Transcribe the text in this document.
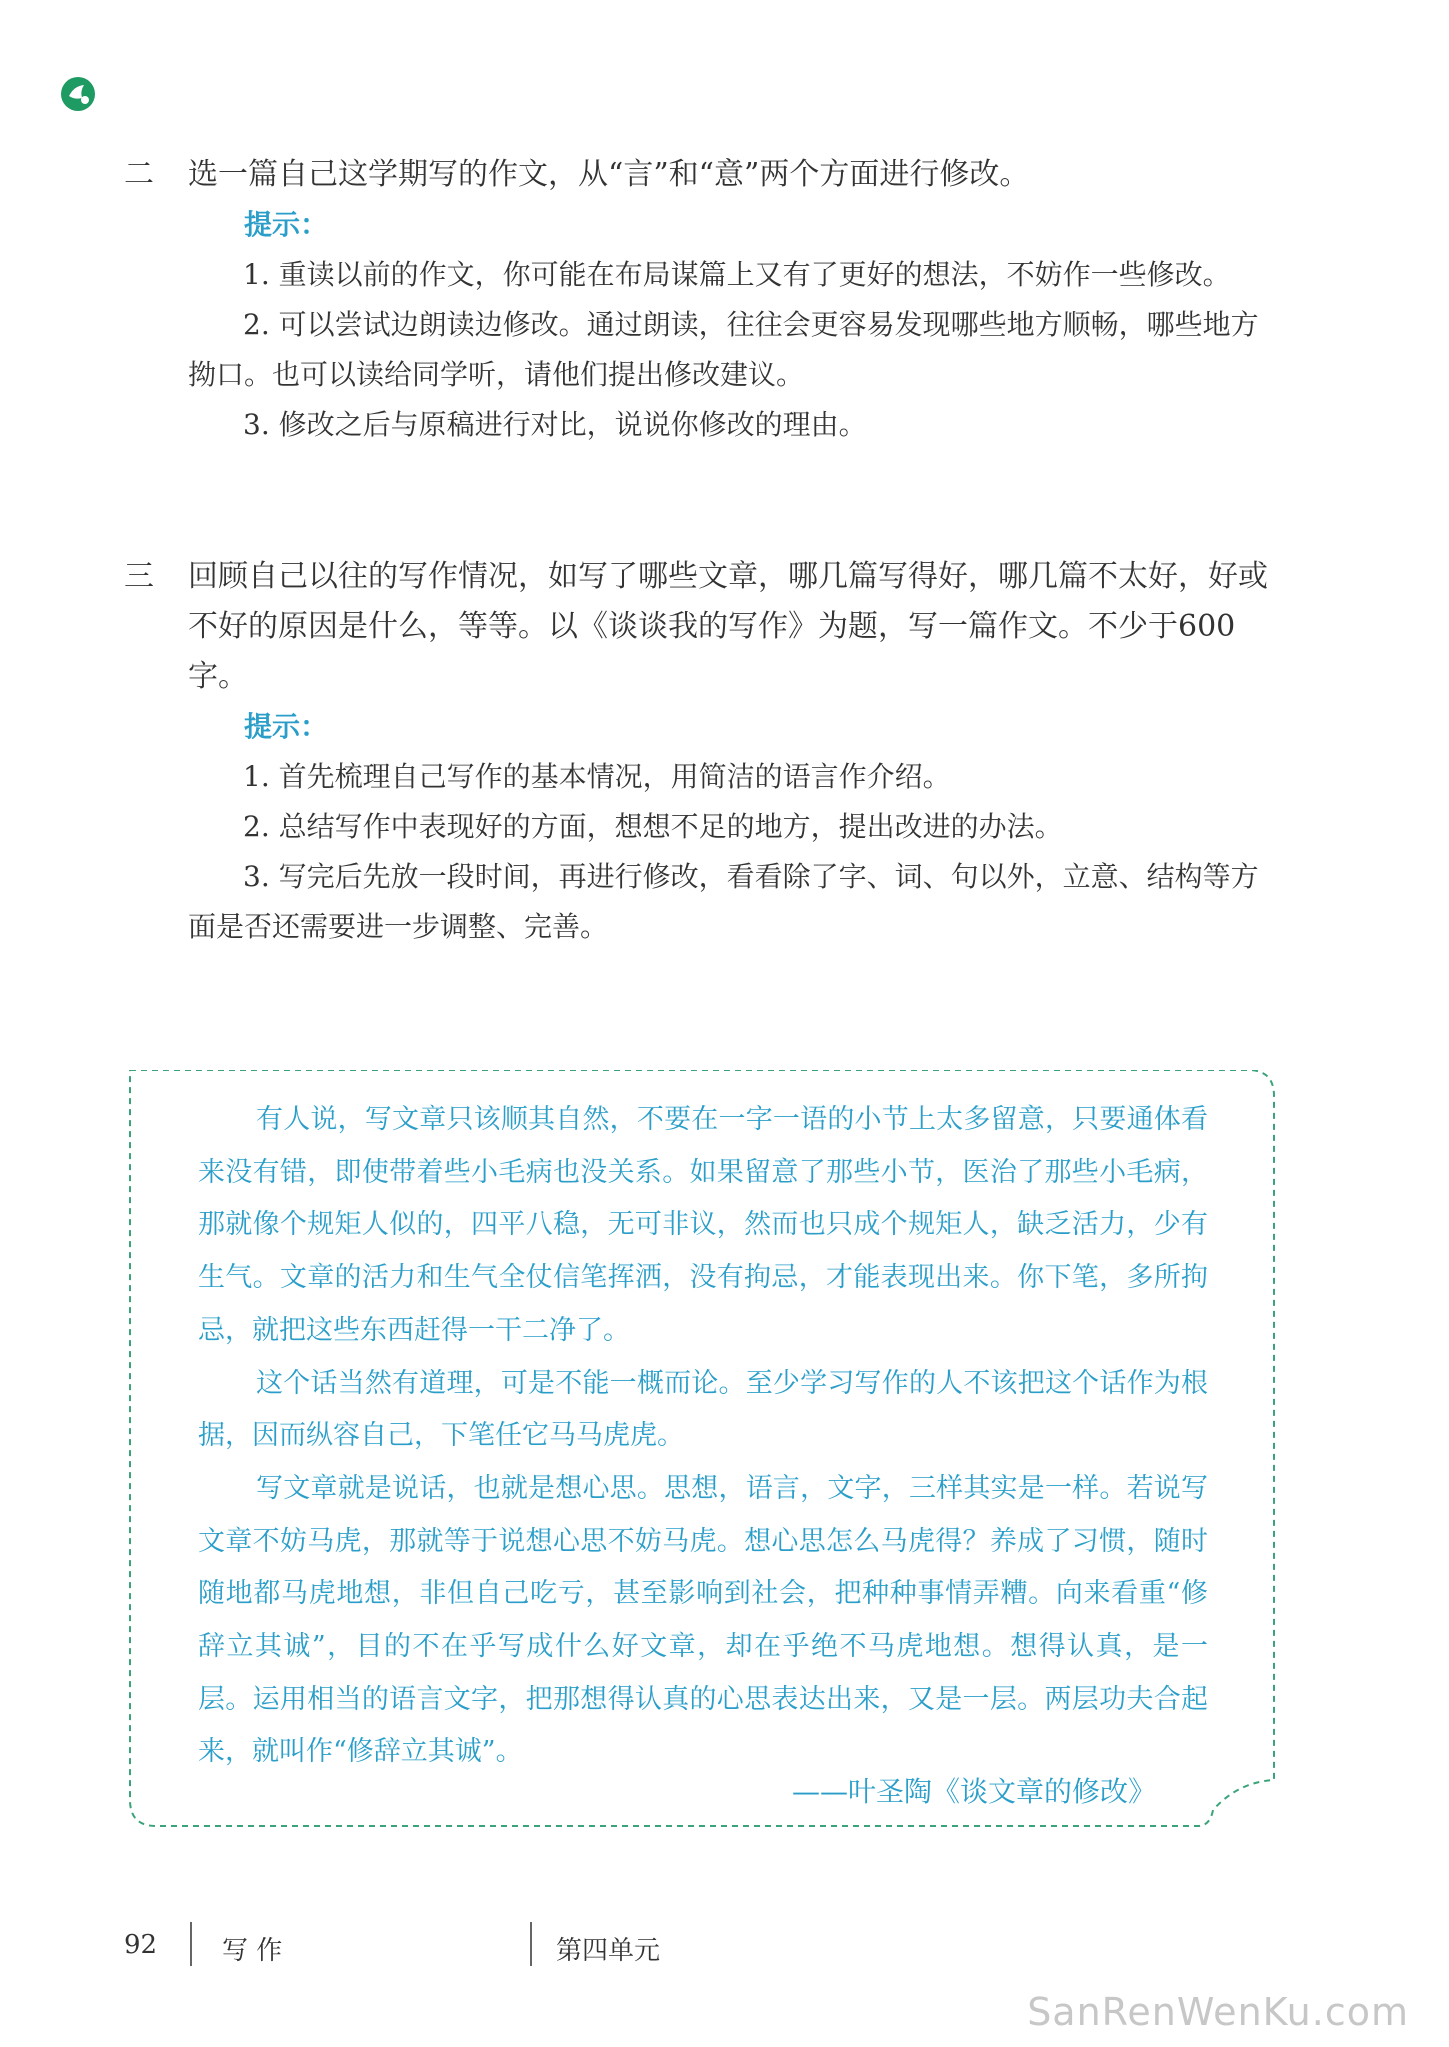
二	选一篇自己这学期写的作文，从“言”和“意”两个方面进行修改。
提示：
1. 重读以前的作文，你可能在布局谋篇上又有了更好的想法，不妨作一些修改。
2. 可以尝试边朗读边修改。通过朗读，往往会更容易发现哪些地方顺畅，哪些地方拗口。也可以读给同学听，请他们提出修改建议。
3. 修改之后与原稿进行对比，说说你修改的理由。
三	回顾自己以往的写作情况，如写了哪些文章，哪几篇写得好，哪几篇不太好，好或不好的原因是什么，等等。以《谈谈我的写作》为题，写一篇作文。不少于600字。
提示：
1. 首先梳理自己写作的基本情况，用简洁的语言作介绍。
2. 总结写作中表现好的方面，想想不足的地方，提出改进的办法。
3. 写完后先放一段时间，再进行修改，看看除了字、词、句以外，立意、结构等方面是否还需要进一步调整、完善。

有人说，写文章只该顺其自然，不要在一字一语的小节上太多留意，只要通体看来没有错，即使带着些小毛病也没关系。如果留意了那些小节，医治了那些小毛病，那就像个规矩人似的，四平八稳，无可非议，然而也只成个规矩人，缺乏活力，少有生气。文章的活力和生气全仗信笔挥洒，没有拘忌，才能表现出来。你下笔，多所拘忌，就把这些东西赶得一干二净了。

这个话当然有道理，可是不能一概而论。至少学习写作的人不该把这个话作为根据，因而纵容自己，下笔任它马马虎虎。

写文章就是说话，也就是想心思。思想，语言，文字，三样其实是一样。若说写文章不妨马虎，那就等于说想心思不妨马虎。想心思怎么马虎得？养成了习惯，随时随地都马虎地想，非但自己吃亏，甚至影响到社会，把种种事情弄糟。向来看重“修辞立其诚”，目的不在乎写成什么好文章，却在乎绝不马虎地想。想得认真，是一层。运用相当的语言文字，把那想得认真的心思表达出来，又是一层。两层功夫合起来，就叫作“修辞立其诚”。

——叶圣陶《谈文章的修改》
92 写 作	第四单元
SanRenWenKu.com
